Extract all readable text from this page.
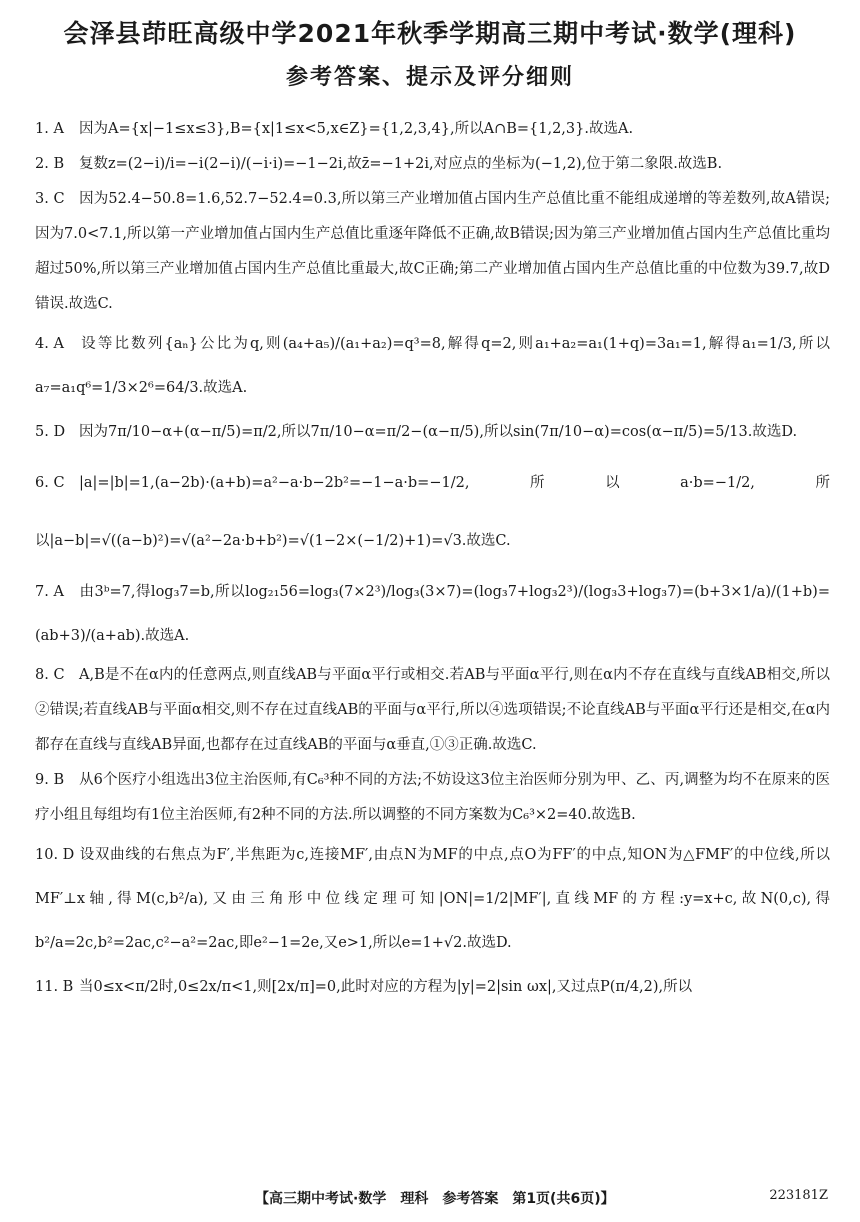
会泽县茚旺高级中学2021年秋季学期高三期中考试·数学(理科)
参考答案、提示及评分细则

1. A 因为A={x|−1≤x≤3},B={x|1≤x<5,x∈Z}={1,2,3,4},所以A∩B={1,2,3}.故选A.

2. B 复数z=(2−i)/i=−i(2−i)/(−i·i)=−1−2i,故z̄=−1+2i,对应点的坐标为(−1,2),位于第二象限.故选B.

3. C 因为52.4−50.8=1.6,52.7−52.4=0.3,所以第三产业增加值占国内生产总值比重不能组成递增的等差数列,故A错误;因为7.0<7.1,所以第一产业增加值占国内生产总值比重逐年降低不正确,故B错误;因为第三产业增加值占国内生产总值比重均超过50%,所以第三产业增加值占国内生产总值比重最大,故C正确;第二产业增加值占国内生产总值比重的中位数为39.7,故D错误.故选C.

4. A 设等比数列{aₙ}公比为q,则(a₄+a₅)/(a₁+a₂)=q³=8,解得q=2,则a₁+a₂=a₁(1+q)=3a₁=1,解得a₁=1/3,所以a₇=a₁q⁶=1/3×2⁶=64/3.故选A.

5. D 因为7π/10−α+(α−π/5)=π/2,所以7π/10−α=π/2−(α−π/5),所以sin(7π/10−α)=cos(α−π/5)=5/13.故选D.

6. C |a|=|b|=1,(a−2b)·(a+b)=a²−a·b−2b²=−1−a·b=−1/2,所以a·b=−1/2,所以|a−b|=√((a−b)²)=√(a²−2a·b+b²)=√(1−2×(−1/2)+1)=√3.故选C.

7. A 由3ᵇ=7,得log₃7=b,所以log₂₁56=log₃(7×2³)/log₃(3×7)=(log₃7+log₃2³)/(log₃3+log₃7)=(b+3×1/a)/(1+b)=(ab+3)/(a+ab).故选A.

8. C A,B是不在α内的任意两点,则直线AB与平面α平行或相交.若AB与平面α平行,则在α内不存在直线与直线AB相交,所以②错误;若直线AB与平面α相交,则不存在过直线AB的平面与α平行,所以④选项错误;不论直线AB与平面α平行还是相交,在α内都存在直线与直线AB异面,也都存在过直线AB的平面与α垂直,①③正确.故选C.

9. B 从6个医疗小组选出3位主治医师,有C₆³种不同的方法;不妨设这3位主治医师分别为甲、乙、丙,调整为均不在原来的医疗小组且每组均有1位主治医师,有2种不同的方法.所以调整的不同方案数为C₆³×2=40.故选B.

10. D 设双曲线的右焦点为F′,半焦距为c,连接MF′,由点N为MF的中点,点O为FF′的中点,知ON为△FMF′的中位线,所以MF′⊥x轴,得M(c,b²/a),又由三角形中位线定理可知|ON|=1/2|MF′|,直线MF的方程:y=x+c,故N(0,c),得b²/a=2c,b²=2ac,c²−a²=2ac,即e²−1=2e,又e>1,所以e=1+√2.故选D.

11. B 当0≤x<π/2时,0≤2x/π<1,则[2x/π]=0,此时对应的方程为|y|=2|sin ωx|,又过点P(π/4,2),所以

【高三期中考试·数学　理科　参考答案　第1页(共6页)】	223181Z
